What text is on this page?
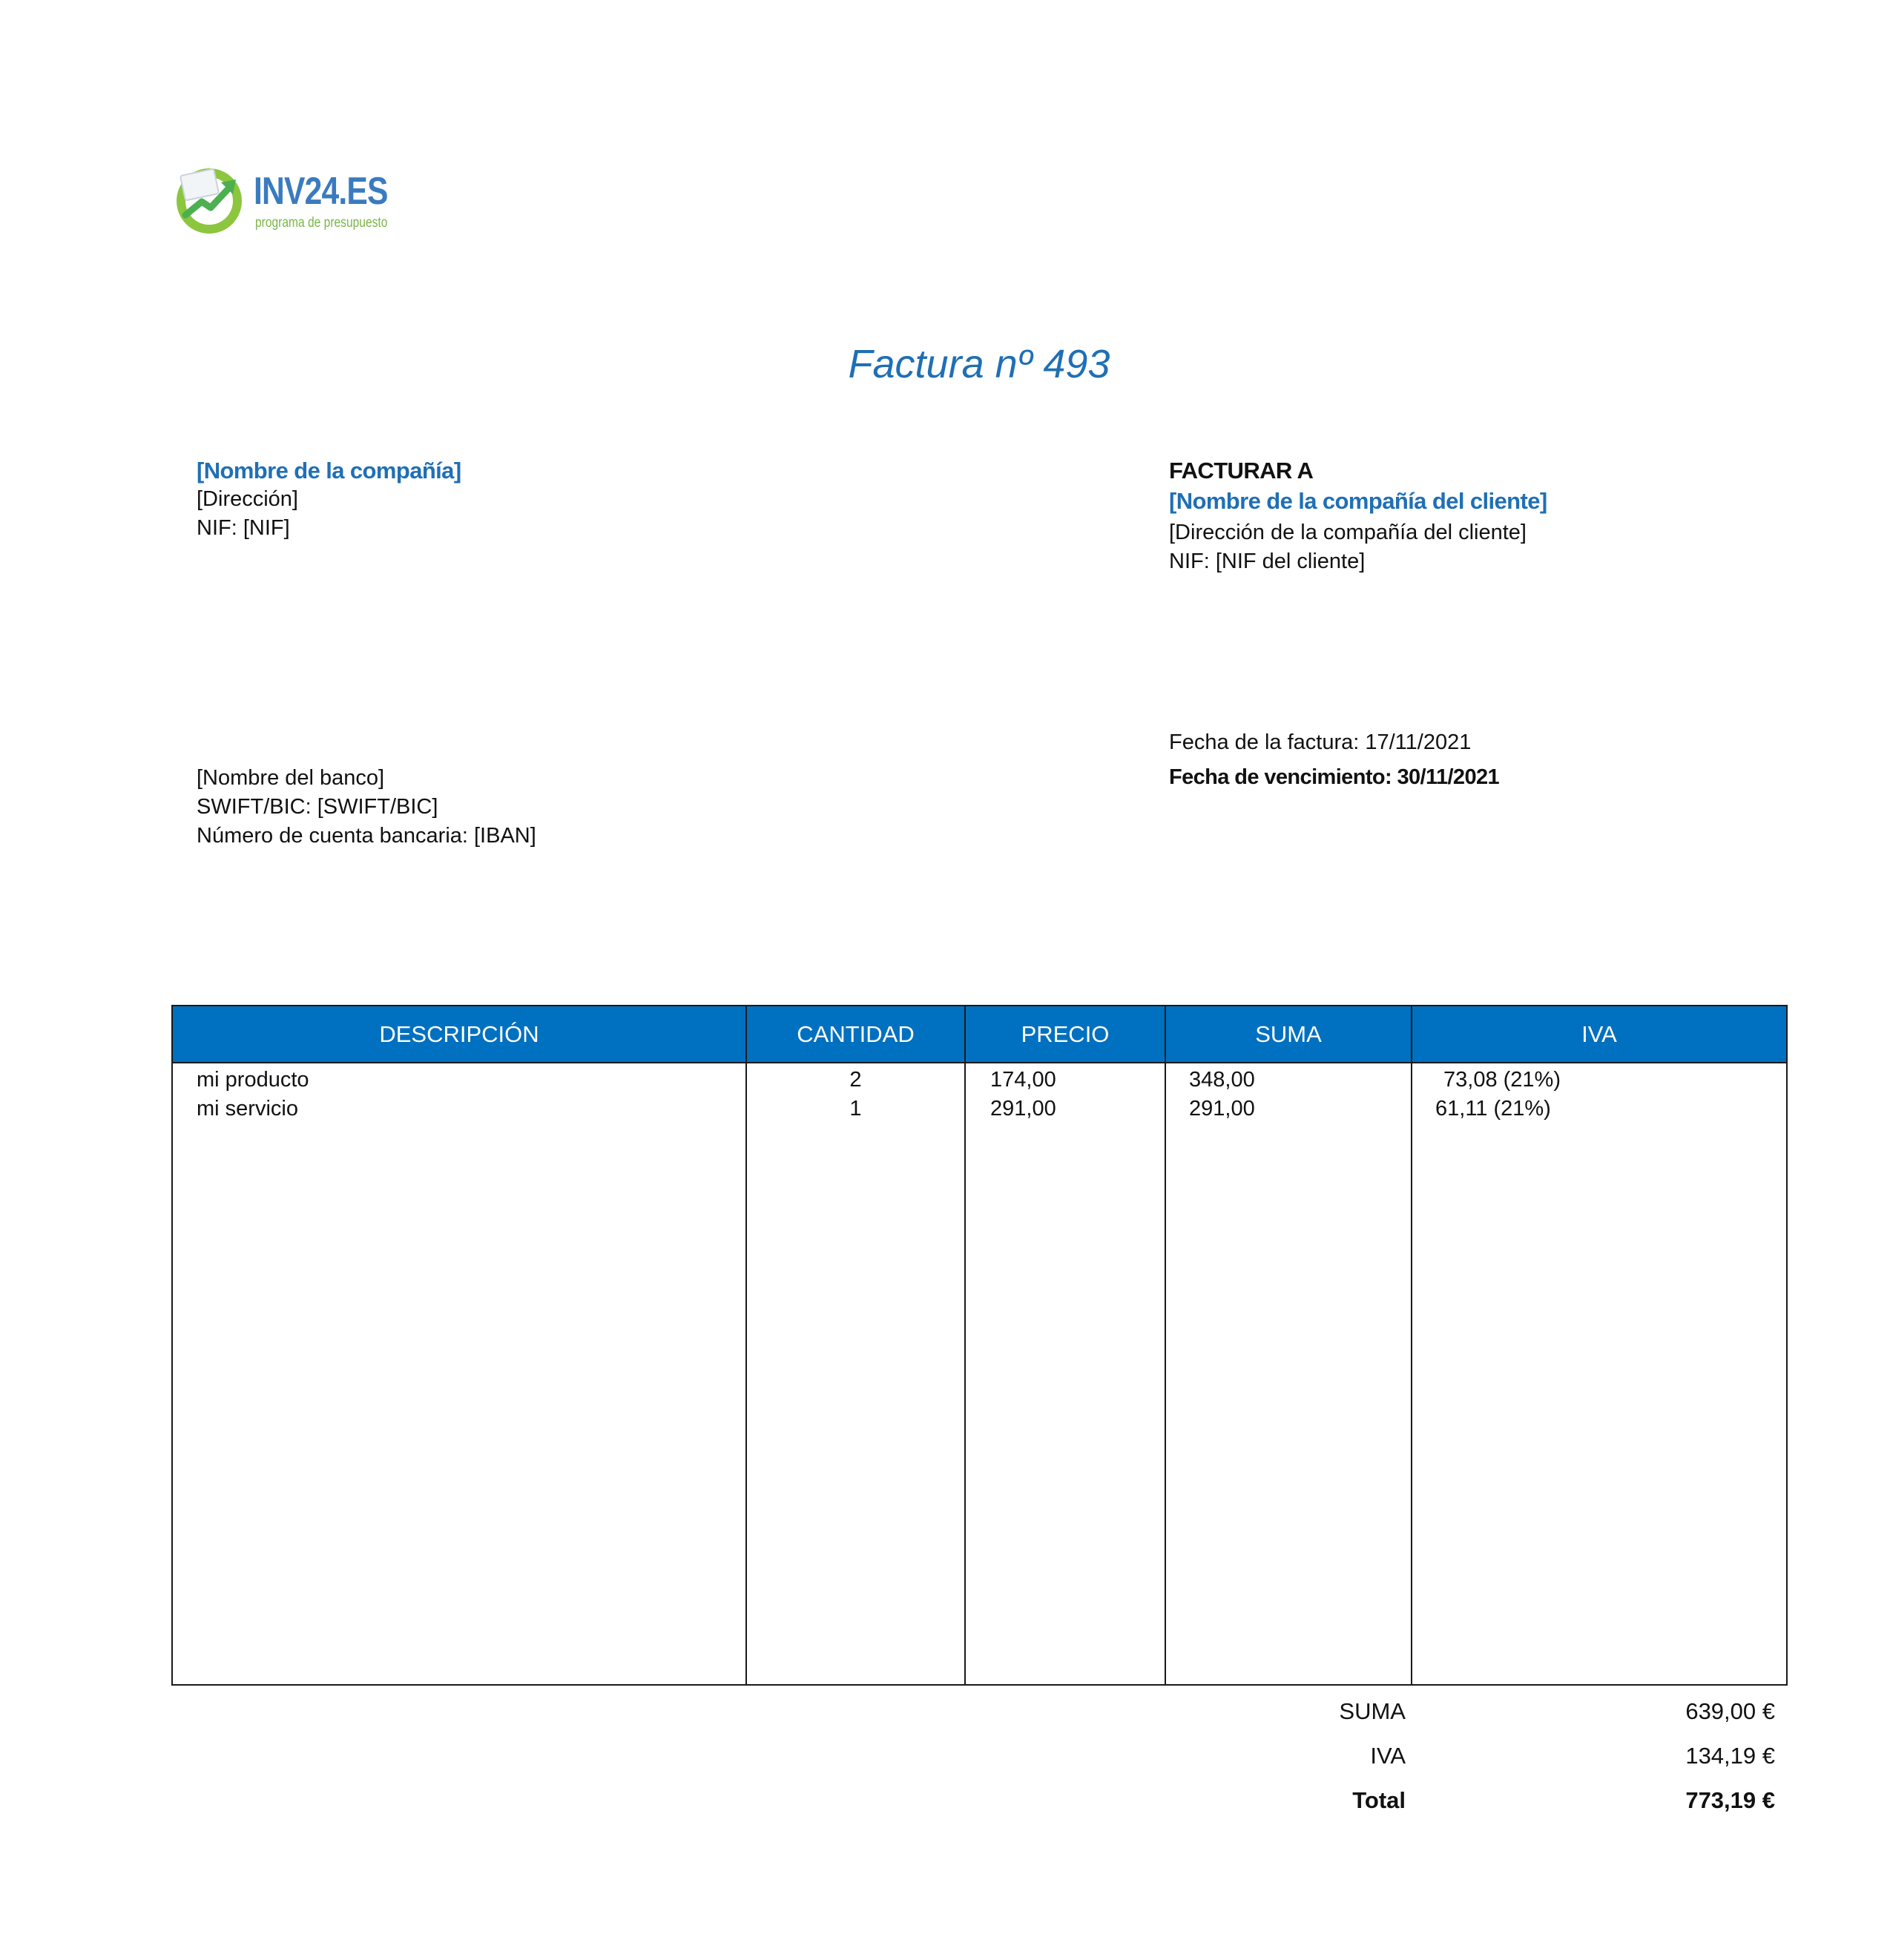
INV24.ES
programa de presupuesto
Factura nº 493
[Nombre de la compañía]
[Dirección]
NIF: [NIF]
FACTURAR A
[Nombre de la compañía del cliente]
[Dirección de la compañía del cliente]
NIF: [NIF del cliente]
Fecha de la factura: 17/11/2021
Fecha de vencimiento: 30/11/2021
[Nombre del banco]
SWIFT/BIC: [SWIFT/BIC]
Número de cuenta bancaria: [IBAN]
DESCRIPCIÓN	CANTIDAD	PRECIO	SUMA	IVA
mi producto	2	174,00	348,00	73,08 (21%)
mi servicio	1	291,00	291,00	61,11 (21%)
SUMA	639,00 €
IVA	134,19 €
Total	773,19 €
